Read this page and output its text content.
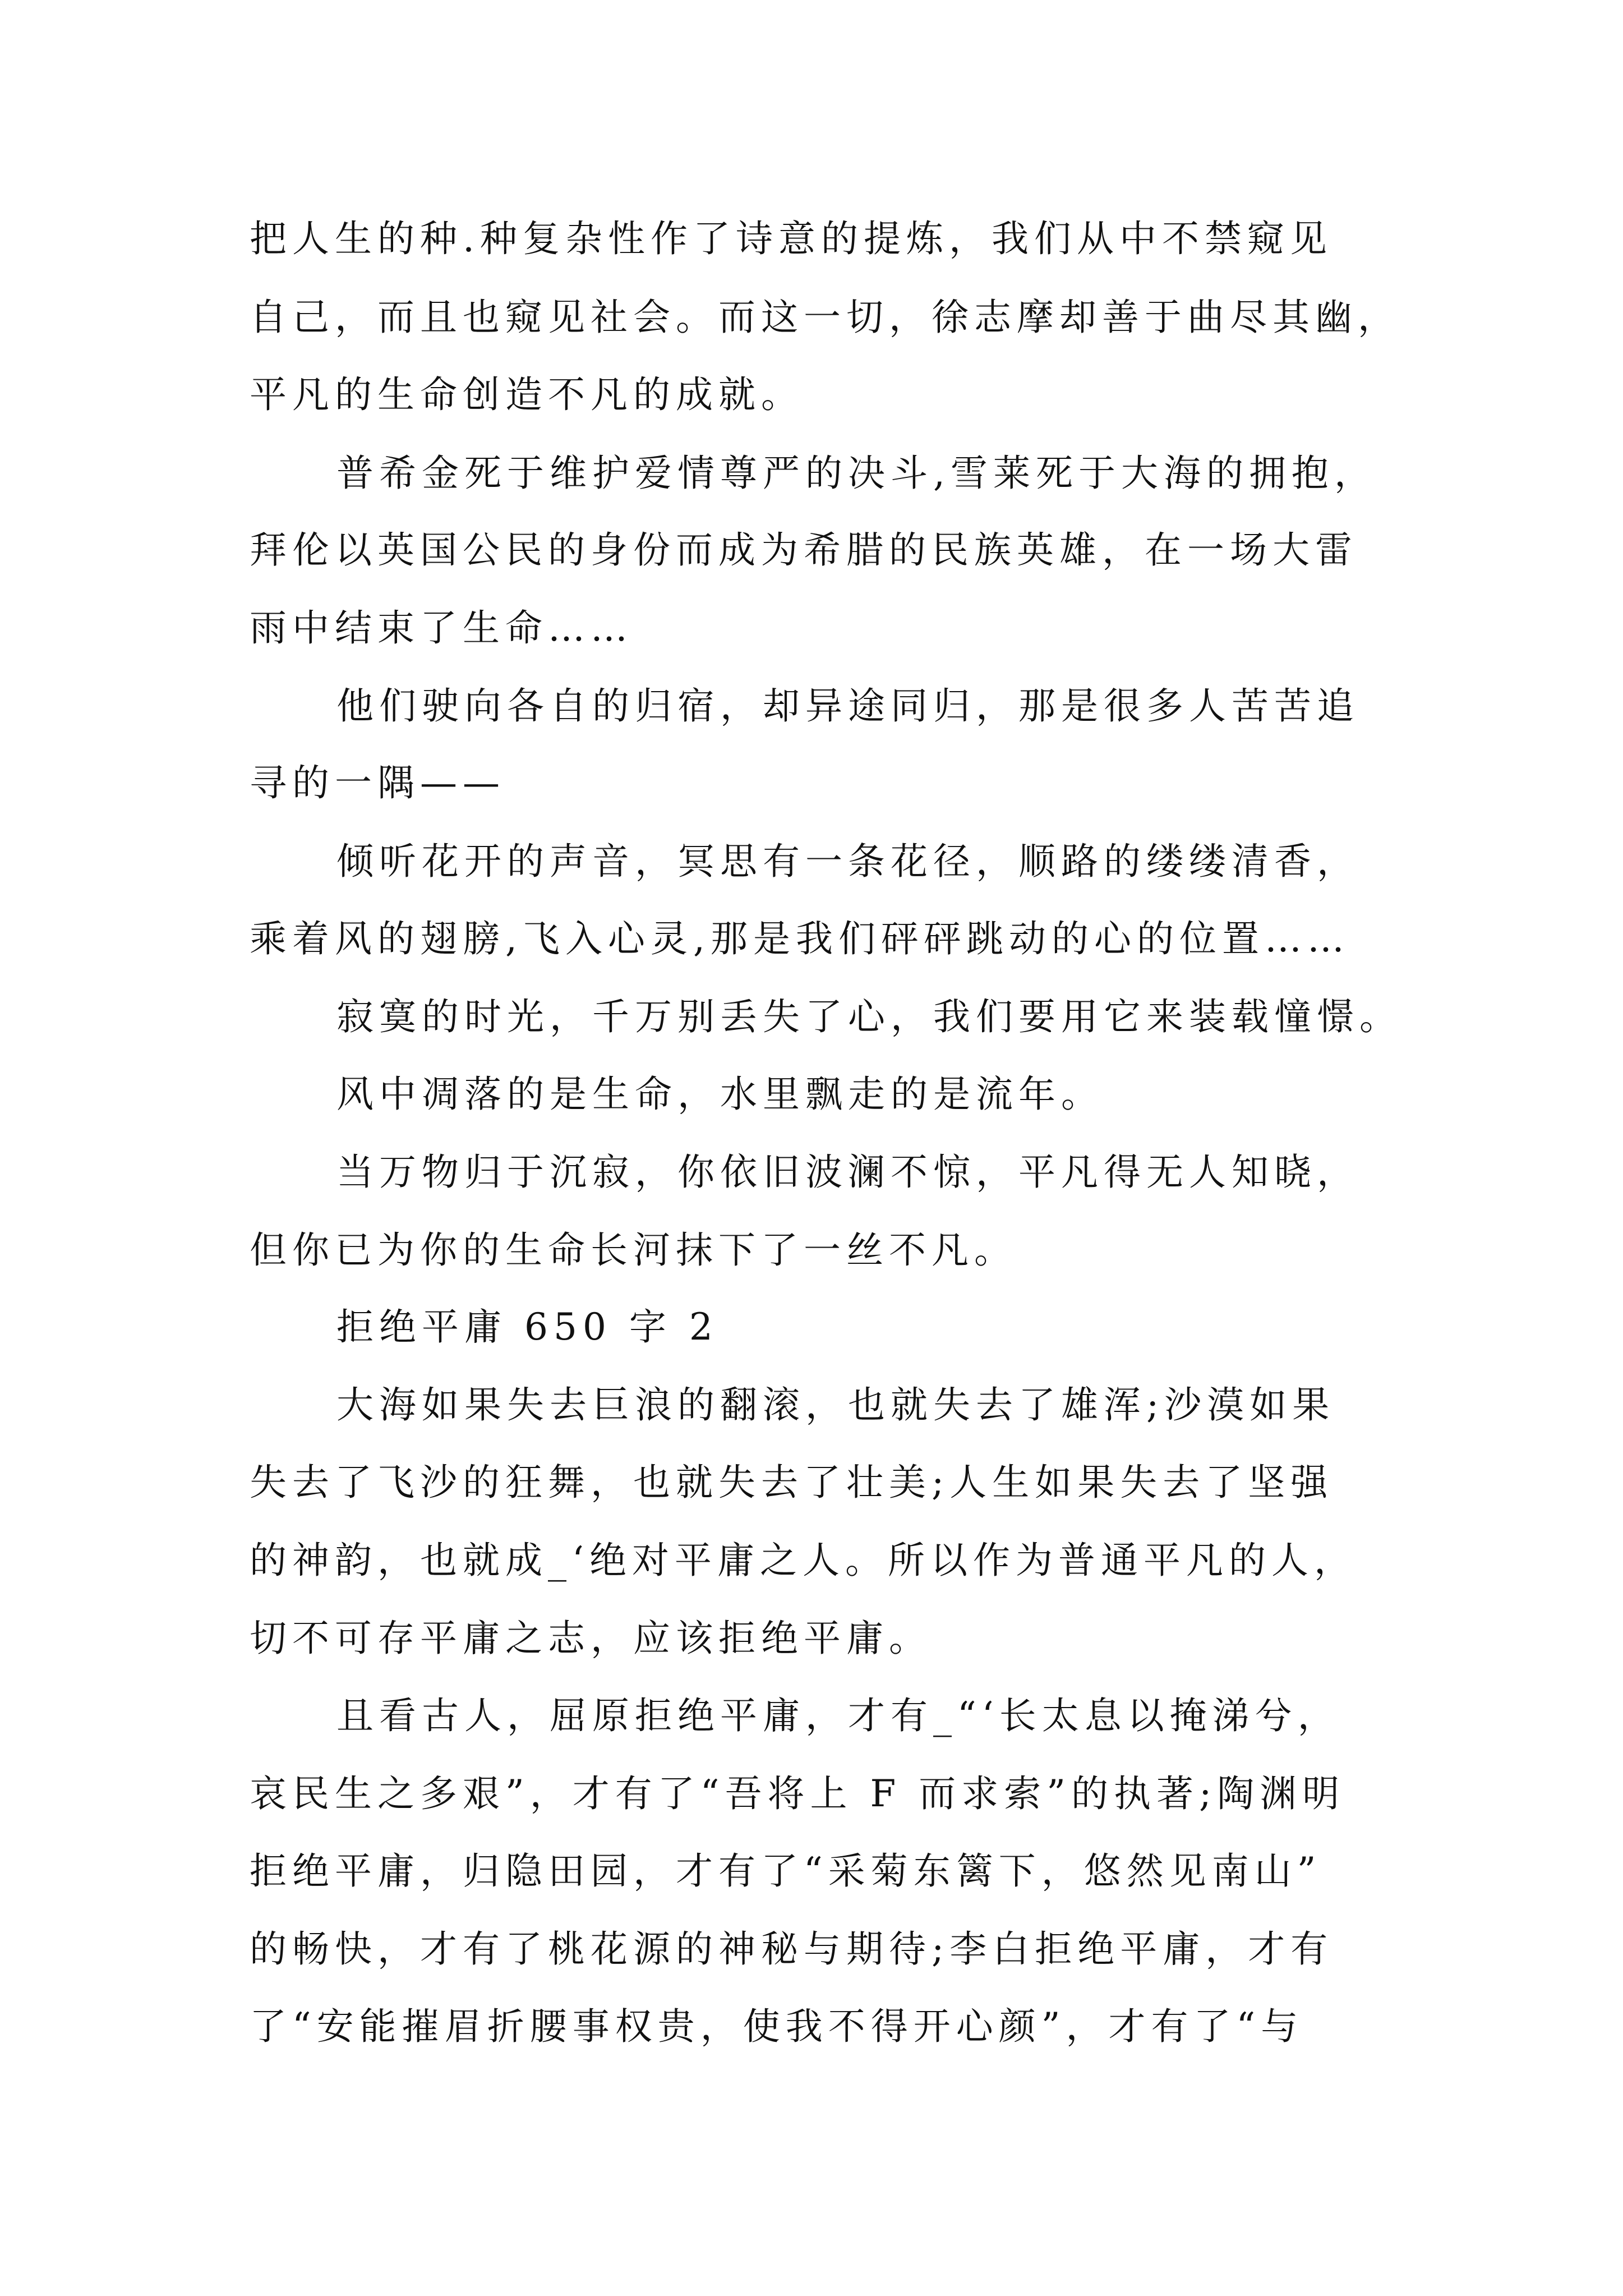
把人生的种.种复杂性作了诗意的提炼，我们从中不禁窥见
自己，而且也窥见社会。而这一切，徐志摩却善于曲尽其幽，
平凡的生命创造不凡的成就。
普希金死于维护爱情尊严的决斗,雪莱死于大海的拥抱，
拜伦以英国公民的身份而成为希腊的民族英雄，在一场大雷
雨中结束了生命……
他们驶向各自的归宿，却异途同归，那是很多人苦苦追
寻的一隅——
倾听花开的声音，冥思有一条花径，顺路的缕缕清香，
乘着风的翅膀,飞入心灵,那是我们砰砰跳动的心的位置……
寂寞的时光，千万别丢失了心，我们要用它来装载憧憬。
风中凋落的是生命，水里飘走的是流年。
当万物归于沉寂，你依旧波澜不惊，平凡得无人知晓，
但你已为你的生命长河抹下了一丝不凡。
拒绝平庸 650 字 2
大海如果失去巨浪的翻滚，也就失去了雄浑;沙漠如果
失去了飞沙的狂舞，也就失去了壮美;人生如果失去了坚强
的神韵，也就成_‘绝对平庸之人。所以作为普通平凡的人，
切不可存平庸之志，应该拒绝平庸。
且看古人，屈原拒绝平庸，才有_“‘长太息以掩涕兮，
哀民生之多艰”，才有了“吾将上 F 而求索”的执著;陶渊明
拒绝平庸，归隐田园，才有了“采菊东篱下，悠然见南山”
的畅快，才有了桃花源的神秘与期待;李白拒绝平庸，才有
了“安能摧眉折腰事权贵，使我不得开心颜”，才有了“与
